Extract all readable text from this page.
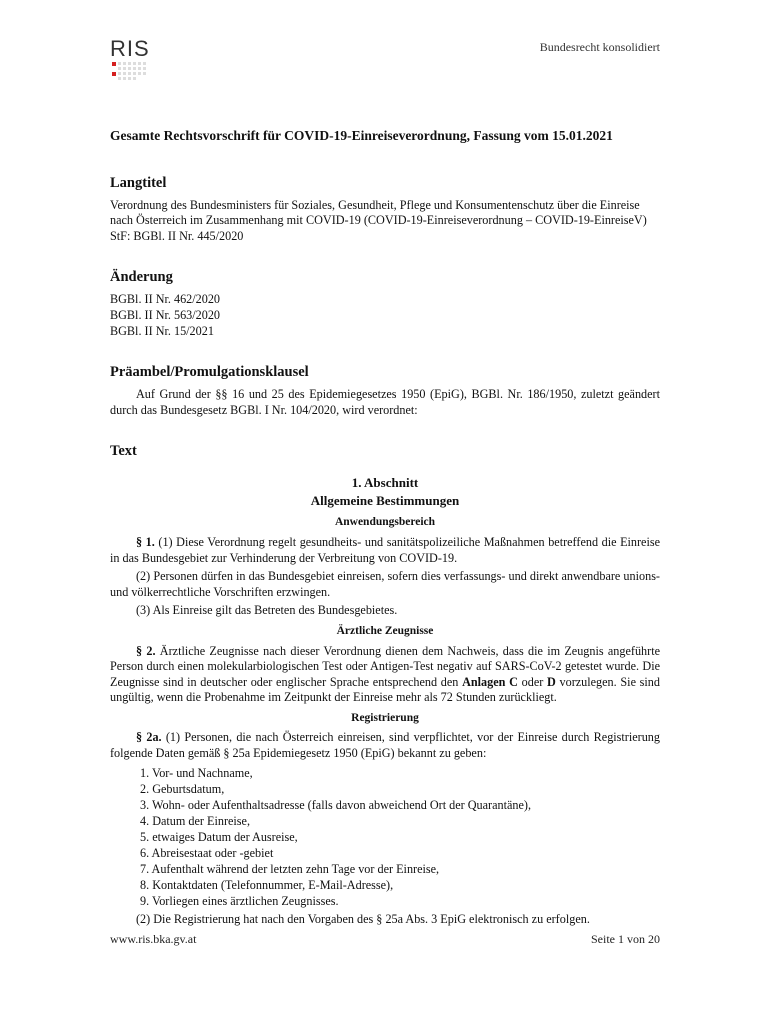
RIS	Bundesrecht konsolidiert
Gesamte Rechtsvorschrift für COVID-19-Einreiseverordnung, Fassung vom 15.01.2021
Langtitel

Verordnung des Bundesministers für Soziales, Gesundheit, Pflege und Konsumentenschutz über die Einreise nach Österreich im Zusammenhang mit COVID-19 (COVID-19-Einreiseverordnung – COVID-19-EinreiseV)

StF: BGBl. II Nr. 445/2020

Änderung

BGBl. II Nr. 462/2020

BGBl. II Nr. 563/2020

BGBl. II Nr. 15/2021

Präambel/Promulgationsklausel

Auf Grund der §§ 16 und 25 des Epidemiegesetzes 1950 (EpiG), BGBl. Nr. 186/1950, zuletzt geändert durch das Bundesgesetz BGBl. I Nr. 104/2020, wird verordnet:

Text
1. Abschnitt
Allgemeine Bestimmungen
Anwendungsbereich

§ 1. (1) Diese Verordnung regelt gesundheits- und sanitätspolizeiliche Maßnahmen betreffend die Einreise in das Bundesgebiet zur Verhinderung der Verbreitung von COVID-19.

(2) Personen dürfen in das Bundesgebiet einreisen, sofern dies verfassungs- und direkt anwendbare unions- und völkerrechtliche Vorschriften erzwingen.

(3) Als Einreise gilt das Betreten des Bundesgebietes.

Ärztliche Zeugnisse

§ 2. Ärztliche Zeugnisse nach dieser Verordnung dienen dem Nachweis, dass die im Zeugnis angeführte Person durch einen molekularbiologischen Test oder Antigen-Test negativ auf SARS-CoV-2 getestet wurde. Die Zeugnisse sind in deutscher oder englischer Sprache entsprechend den Anlagen C oder D vorzulegen. Sie sind ungültig, wenn die Probenahme im Zeitpunkt der Einreise mehr als 72 Stunden zurückliegt.

Registrierung

§ 2a. (1) Personen, die nach Österreich einreisen, sind verpflichtet, vor der Einreise durch Registrierung folgende Daten gemäß § 25a Epidemiegesetz 1950 (EpiG) bekannt zu geben:

1. Vor- und Nachname,
2. Geburtsdatum,
3. Wohn- oder Aufenthaltsadresse (falls davon abweichend Ort der Quarantäne),
4. Datum der Einreise,
5. etwaiges Datum der Ausreise,
6. Abreisestaat oder -gebiet
7. Aufenthalt während der letzten zehn Tage vor der Einreise,
8. Kontaktdaten (Telefonnummer, E-Mail-Adresse),
9. Vorliegen eines ärztlichen Zeugnisses.

(2) Die Registrierung hat nach den Vorgaben des § 25a Abs. 3 EpiG elektronisch zu erfolgen.

www.ris.bka.gv.at	Seite 1 von 20
